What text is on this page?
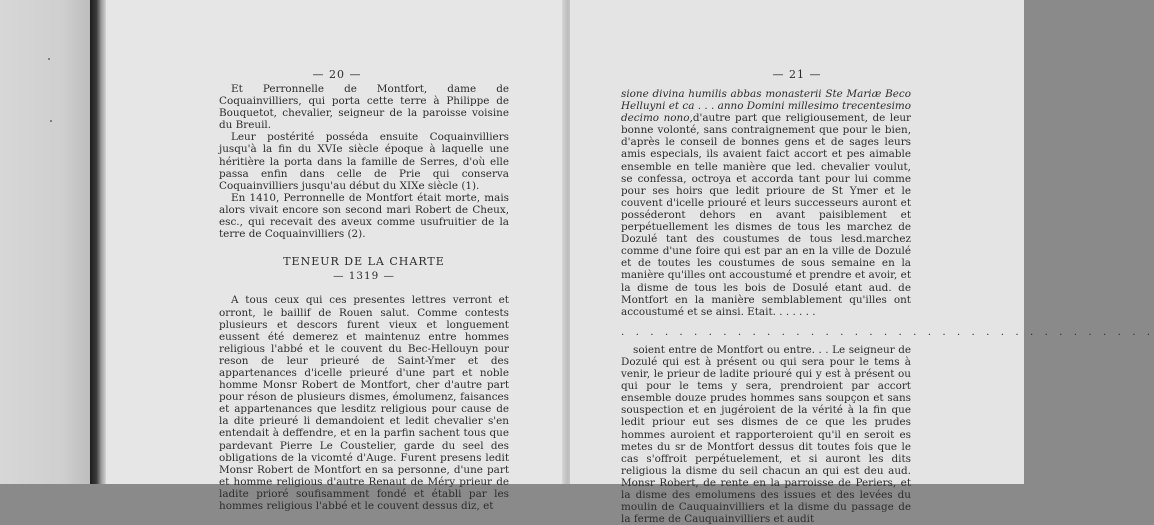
— 20 —

Et Perronnelle de Montfort, dame de Coquainvilliers, qui porta cette terre à Philippe de Bouquetot, chevalier, seigneur de la paroisse voisine du Breuil.

Leur postérité posséda ensuite Coquainvilliers jusqu'à la fin du XVIe siècle époque à laquelle une héritière la porta dans la famille de Serres, d'où elle passa enfin dans celle de Prie qui conserva Coquainvilliers jusqu'au début du XIXe siècle (1).

En 1410, Perronnelle de Montfort était morte, mais alors vivait encore son second mari Robert de Cheux, esc., qui recevait des aveux comme usufruitier de la terre de Coquainvilliers (2).

TENEUR DE LA CHARTE
— 1319 —

A tous ceux qui ces presentes lettres verront et orront, le baillif de Rouen salut. Comme contests plusieurs et descors furent vieux et longuement eussent été demerez et maintenuz entre hommes religious l'abbé et le couvent du Bec-Hellouyn pour reson de leur prieuré de Saint-Ymer et des appartenances d'icelle prieuré d'une part et noble homme Monsr Robert de Montfort, cher d'autre part pour réson de plusieurs dismes, émolumenz, faisances et appartenances que lesditz religious pour cause de la dite prieuré li demandoient et ledit chevalier s'en entendait à deffendre, et en la parfin sachent tous que pardevant Pierre Le Coustelier, garde du seel des obligations de la vicomté d'Auge. Furent presens ledit Monsr Robert de Montfort en sa personne, d'une part et homme religious d'autre Renaut de Méry prieur de ladite prioré soufisamment fondé et établi par les hommes religious l'abbé et le couvent dessus diz, et

— 21 —

sione divina humilis abbas monasterii Ste Mariæ Beco Helluyni et ca . . . anno Domini millesimo trecentesimo decimo nono,d'autre part que religiousement, de leur bonne volonté, sans contraignement que pour le bien, d'après le conseil de bonnes gens et de sages leurs amis especials, ils avaient faict accort et pes aimable ensemble en telle manière que led. chevalier voulut, se confessa, octroya et accorda tant pour lui comme pour ses hoirs que ledit prioure de St Ymer et le couvent d'icelle priouré et leurs successeurs auront et posséderont dehors en avant paisiblement et perpétuellement les dismes de tous les marchez de Dozulé tant des coustumes de tous lesd.marchez comme d'une foire qui est par an en la ville de Dozulé et de toutes les coustumes de sous semaine en la manière qu'illes ont accoustumé et prendre et avoir, et la disme de tous les bois de Dosulé etant aud. de Montfort en la manière semblablement qu'illes ont accoustumé et se ainsi. Etait. . . . . . .

. . . . . . . . . . . . . . . . . . . . . . . . . . . . . . . . . . . . .

soient entre de Montfort ou entre. . . Le seigneur de Dozulé qui est à présent ou qui sera pour le tems à venir, le prieur de ladite priouré qui y est à présent ou qui pour le tems y sera, prendroient par accort ensemble douze prudes hommes sans soupçon et sans souspection et en jugéroient de la vérité à la fin que ledit priour eut ses dismes de ce que les prudes hommes auroient et rapporteroient qu'il en seroit es metes du sr de Montfort dessus dit toutes fois que le cas s'offroit perpétuelement, et si auront les dits religious la disme du seil chacun an qui est deu aud. Monsr Robert, de rente en la parroisse de Periers, et la disme des emolumens des issues et des levées du moulin de Cauquainvilliers et la disme du passage de la ferme de Cauquainvilliers et audit
